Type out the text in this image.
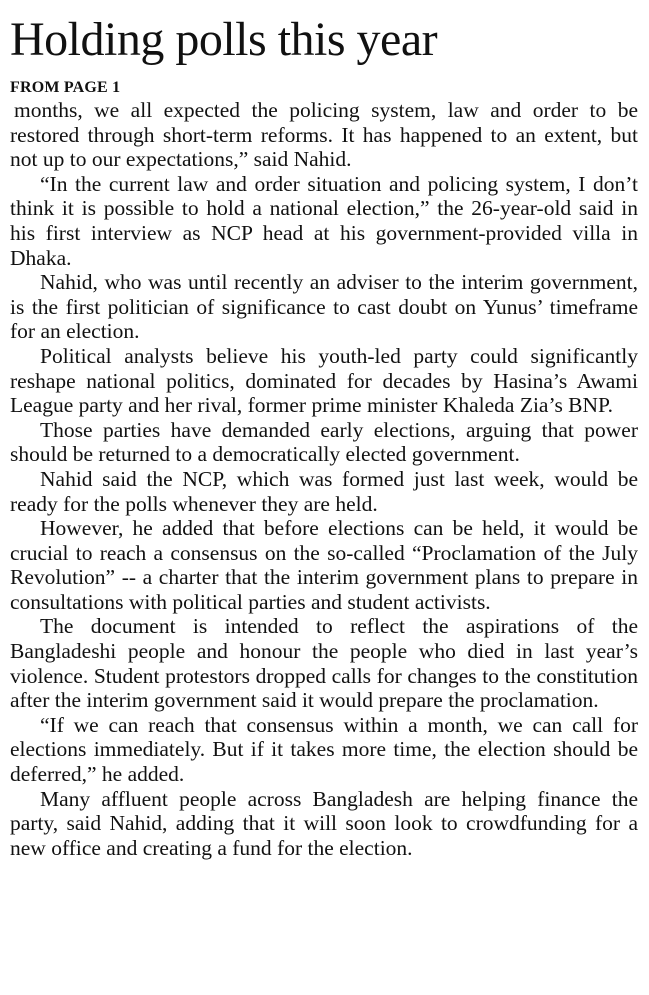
Holding polls this year
FROM PAGE 1

months, we all expected the policing system, law and order to be restored through short-term reforms. It has happened to an extent, but not up to our expectations,” said Nahid.

“In the current law and order situation and policing system, I don’t think it is possible to hold a national election,” the 26-year-old said in his first interview as NCP head at his government-provided villa in Dhaka.

Nahid, who was until recently an adviser to the interim government, is the first politician of significance to cast doubt on Yunus’ timeframe for an election.

Political analysts believe his youth-led party could significantly reshape national politics, dominated for decades by Hasina’s Awami League party and her rival, former prime minister Khaleda Zia’s BNP.

Those parties have demanded early elections, arguing that power should be returned to a democratically elected government.

Nahid said the NCP, which was formed just last week, would be ready for the polls whenever they are held.

However, he added that before elections can be held, it would be crucial to reach a consensus on the so-called “Proclamation of the July Revolution” -- a charter that the interim government plans to prepare in consultations with political parties and student activists.

The document is intended to reflect the aspirations of the Bangladeshi people and honour the people who died in last year’s violence. Student protestors dropped calls for changes to the constitution after the interim government said it would prepare the proclamation.

“If we can reach that consensus within a month, we can call for elections immediately. But if it takes more time, the election should be deferred,” he added.

Many affluent people across Bangladesh are helping finance the party, said Nahid, adding that it will soon look to crowdfunding for a new office and creating a fund for the election.
